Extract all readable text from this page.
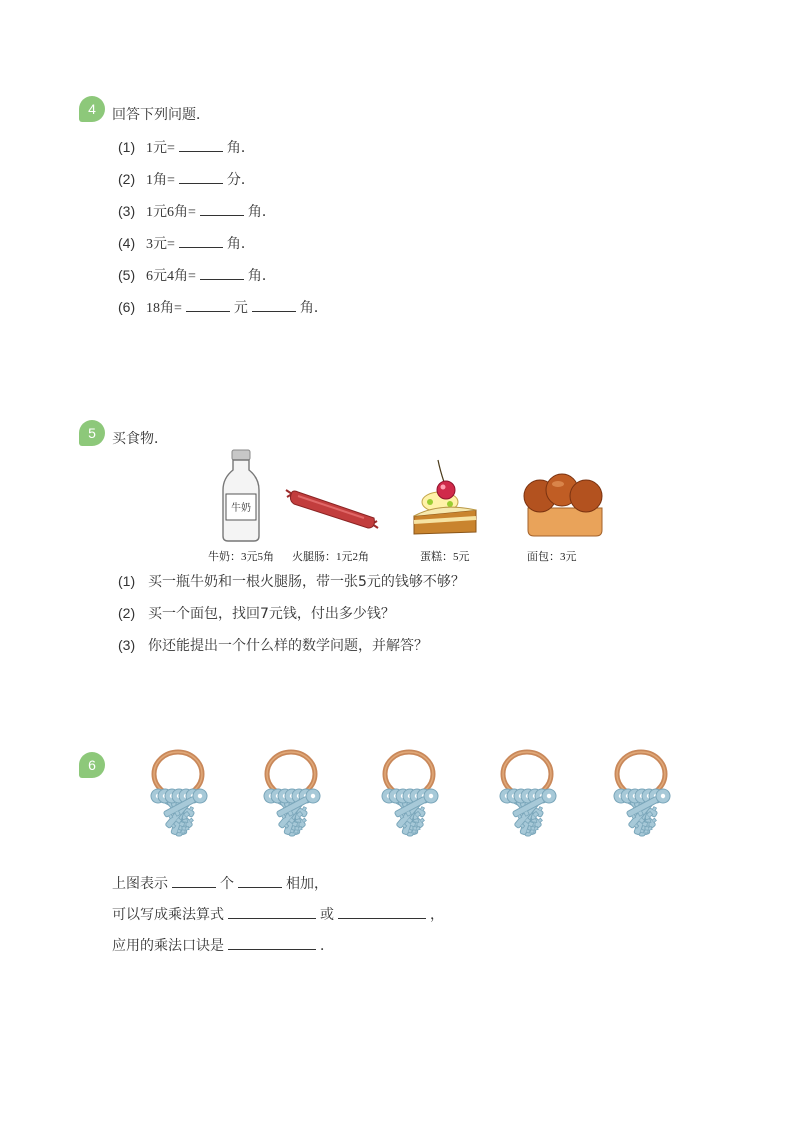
4	回答下列问题．
(1) 1元=	角．
(2) 1角=	分．
(3) 1元6角=	角．
(4) 3元=	角．
(5) 6元4角=	角．
(6) 18角=	元	角．
5	买食物．
牛奶
牛奶：3元5角 火腿肠：1元2角	蛋糕：5元	面包：3元
(1) 买一瓶牛奶和一根火腿肠，带一张5元的钱够不够？
(2) 买一个面包，找回7元钱，付出多少钱？
(3) 你还能提出一个什么样的数学问题，并解答？
6
上图表示	个	相加，
可以写成乘法算式	或	，
应用的乘法口诀是	．
